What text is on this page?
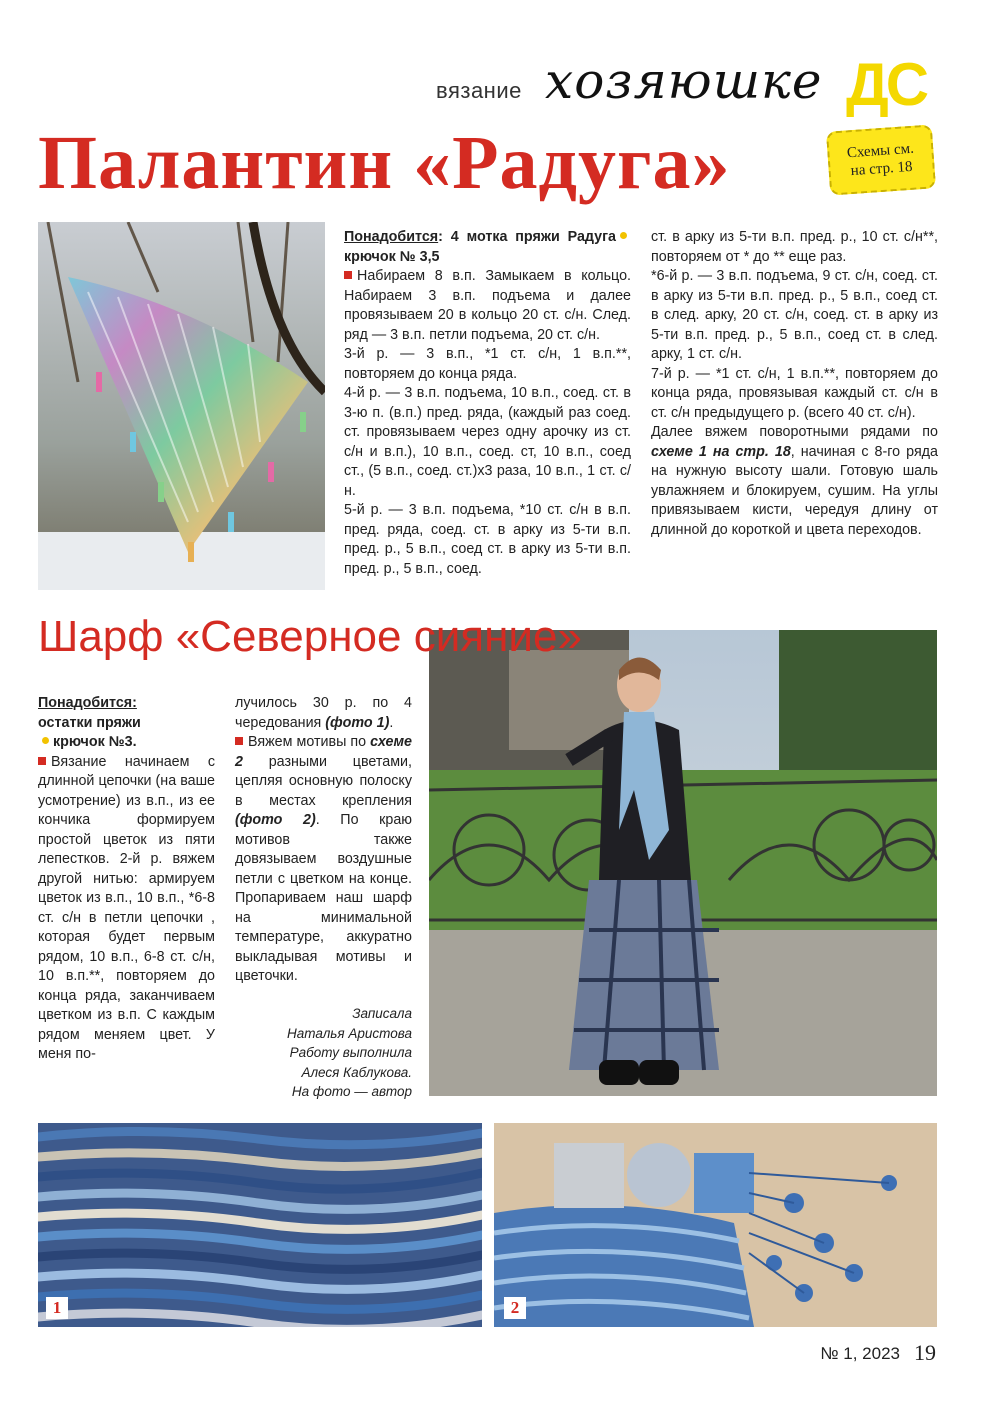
вязание хозяюшке ДС
Палантин «Радуга»	Схемы см.
на стр. 18

Понадобится: 4 мотка пряжи Радугакрючок № 3,5

Набираем 8 в.п. Замыкаем в кольцо. Набираем 3 в.п. подъема и далее провязываем 20 в кольцо 20 ст. с/н. След. ряд — 3 в.п. петли подъема, 20 ст. с/н.

3-й р. — 3 в.п., *1 ст. с/н, 1 в.п.**, повторяем до конца ряда.

4-й р. — 3 в.п. подъема, 10 в.п., соед. ст. в 3-ю п. (в.п.) пред. ряда, (каждый раз соед. ст. провязываем через одну арочку из ст. с/н и в.п.), 10 в.п., соед. ст, 10 в.п., соед ст., (5 в.п., соед. ст.)х3 раза, 10 в.п., 1 ст. с/н.

5-й р. — 3 в.п. подъема, *10 ст. с/н в в.п. пред. ряда, соед. ст. в арку из 5-ти в.п. пред. р., 5 в.п., соед ст. в арку из 5-ти в.п. пред. р., 5 в.п., соед.

ст. в арку из 5-ти в.п. пред. р., 10 ст. с/н**, повторяем от * до ** еще раз.

*6-й р. — 3 в.п. подъема, 9 ст. с/н, соед. ст. в арку из 5-ти в.п. пред. р., 5 в.п., соед ст. в след. арку, 20 ст. с/н, соед. ст. в арку из 5-ти в.п. пред. р., 5 в.п., соед ст. в след. арку, 1 ст. с/н.

7-й р. — *1 ст. с/н, 1 в.п.**, повторяем до конца ряда, провязывая каждый ст. с/н в ст. с/н предыдущего р. (всего 40 ст. с/н).

Далее вяжем поворотными рядами по схеме 1 на стр. 18, начиная с 8-го ряда на нужную высоту шали. Готовую шаль увлажняем и блокируем, сушим. На углы привязываем кисти, чередуя длину от длинной до короткой и цвета переходов.

Шарф «Северное сияние»

Понадобится:

остатки пряжи

крючок №3.

Вязание начинаем с длинной цепочки (на ваше усмотрение) из в.п., из ее кончика формируем простой цветок из пяти лепестков. 2-й р. вяжем другой нитью: армируем цветок из в.п., 10 в.п., *6-8 ст. с/н в петли цепочки , которая будет первым рядом, 10 в.п., 6-8 ст. с/н, 10 в.п.**, повторяем до конца ряда, заканчиваем цветком из в.п. С каждым рядом меняем цвет. У меня по-

лучилось 30 р. по 4 чередования (фото 1).

Вяжем мотивы по схеме 2 разными цветами, цепляя основную полоску в местах крепления (фото 2). По краю мотивов также довязываем воздушные петли с цветком на конце. Пропариваем наш шарф на минимальной температуре, аккуратно выкладывая мотивы и цветочки.

Записала
Наталья Аристова
Работу выполнила
Алеся Каблукова.
На фото — автор
1	2
№ 1, 2023 19
